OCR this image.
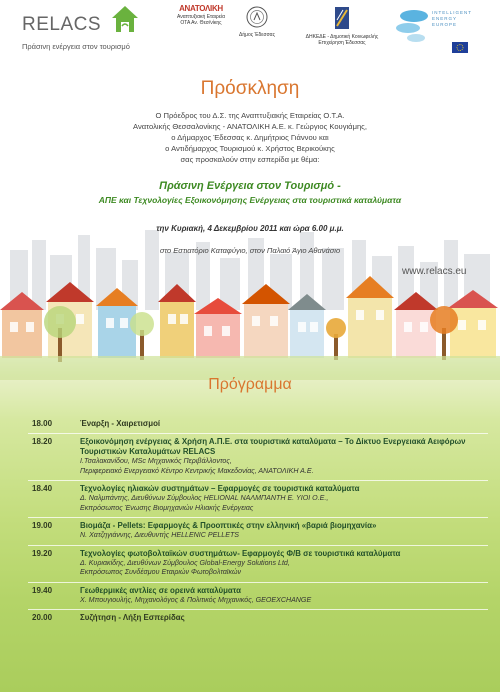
RELACS
Πράσινη ενέργεια στον τουρισμό
ΑΝΑΤΟΛΙΚΗ
Αναπτυξιακή Εταιρεία
ΟΤΑ Αν. Θεσ/νίκης
Δήμος Έδεσσας	ΔΗΚΕΔΕ - Δημοτική Κοινωφελής
Επιχείρηση Έδεσσας
INTELLIGENT
ENERGY
EUROPE
Πρόσκληση
Ο Πρόεδρος του Δ.Σ. της Αναπτυξιακής Εταιρείας Ο.Τ.Α.
Ανατολικής Θεσσαλονίκης - ΑΝΑΤΟΛΙΚΗ Α.Ε. κ. Γεώργιος Κουγιάμης,
ο Δήμαρχος Έδεσσας κ. Δημήτριος Γιάννου και
ο Αντιδήμαρχος Τουρισμού κ. Χρήστος Βερικούκης
σας προσκαλούν στην εσπερίδα με θέμα:
Πράσινη Ενέργεια στον Τουρισμό -
ΑΠΕ και Τεχνολογίες Εξοικονόμησης Ενέργειας στα τουριστικά καταλύματα
την Κυριακή, 4 Δεκεμβρίου 2011 και ώρα 6.00 μ.μ.
στο Εστιατόριο Καταφύγιο, στον Παλαιό Άγιο Αθανάσιο
www.relacs.eu
Πρόγραμμα
18.00	Έναρξη - Χαιρετισμοί
18.20	Εξοικονόμηση ενέργειας & Χρήση Α.Π.Ε. στα τουριστικά καταλύματα – Το Δίκτυο Ενεργειακά Αειφόρων Τουριστικών Καταλυμάτων RELACS
Ι.Τσαλακανίδου, MSc Μηχανικός Περιβάλλοντος,
Περιφερειακό Ενεργειακό Κέντρο Κεντρικής Μακεδονίας, ΑΝΑΤΟΛΙΚΗ Α.Ε.
18.40	Τεχνολογίες ηλιακών συστημάτων – Εφαρμογές σε τουριστικά καταλύματα
Δ. Ναλμπάντης, Διευθύνων Σύμβουλος HELIONAL ΝΑΛΜΠΑΝΤΗ Ε. ΥΙΟΙ Ο.Ε.,
Εκπρόσωπος Ένωσης Βιομηχανιών Ηλιακής Ενέργειας
19.00	Βιομάζα - Pellets: Εφαρμογές & Προοπτικές στην ελληνική «βαριά βιομηχανία»
Ν. Χατζηγιάννης, Διευθυντής HELLENIC PELLETS
19.20	Τεχνολογίες φωτοβολταϊκών συστημάτων- Εφαρμογές Φ/Β σε τουριστικά καταλύματα
Δ. Κυριακίδης, Διευθύνων Σύμβουλος Global-Energy Solutions Ltd,
Εκπρόσωπος Συνδέσμου Εταιριών Φωτοβολταϊκών
19.40	Γεωθερμικές αντλίες σε ορεινά καταλύματα
Χ. Μπουγιουλής, Μηχανολόγος & Πολιτικός Μηχανικός, GEOEXCHANGE
20.00	Συζήτηση - Λήξη Εσπερίδας
